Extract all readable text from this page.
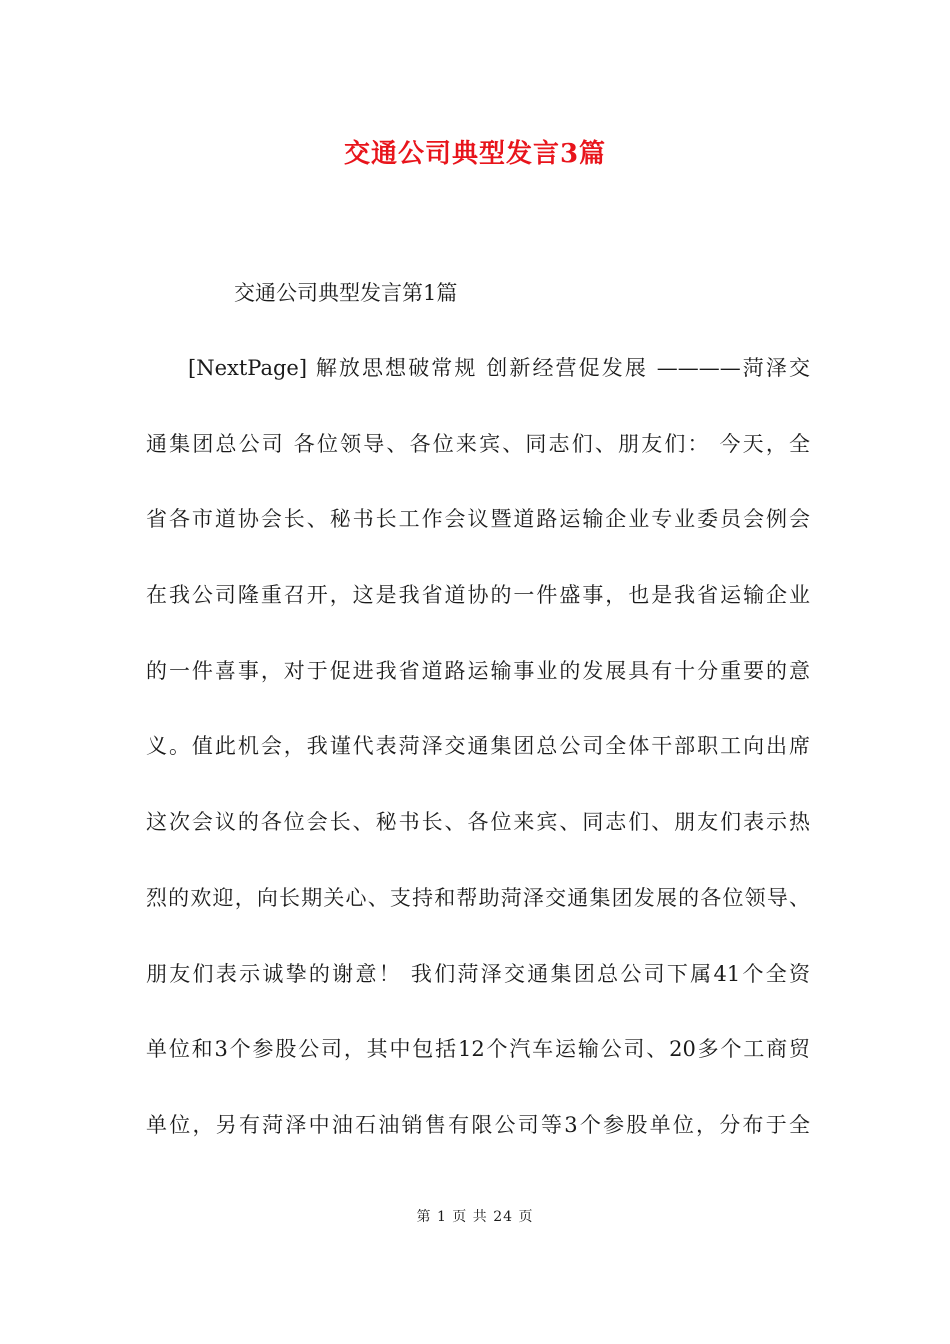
交通公司典型发言3篇
交通公司典型发言第1篇
[NextPage] 解放思想破常规 创新经营促发展 ————菏泽交
通集团总公司 各位领导、各位来宾、同志们、朋友们： 今天，全
省各市道协会长、秘书长工作会议暨道路运输企业专业委员会例会
在我公司隆重召开，这是我省道协的一件盛事，也是我省运输企业
的一件喜事，对于促进我省道路运输事业的发展具有十分重要的意
义。值此机会，我谨代表菏泽交通集团总公司全体干部职工向出席
这次会议的各位会长、秘书长、各位来宾、同志们、朋友们表示热
烈的欢迎，向长期关心、支持和帮助菏泽交通集团发展的各位领导、
朋友们表示诚挚的谢意！ 我们菏泽交通集团总公司下属41个全资
单位和3个参股公司，其中包括12个汽车运输公司、20多个工商贸
单位，另有菏泽中油石油销售有限公司等3个参股单位，分布于全
第 1 页 共 24 页
